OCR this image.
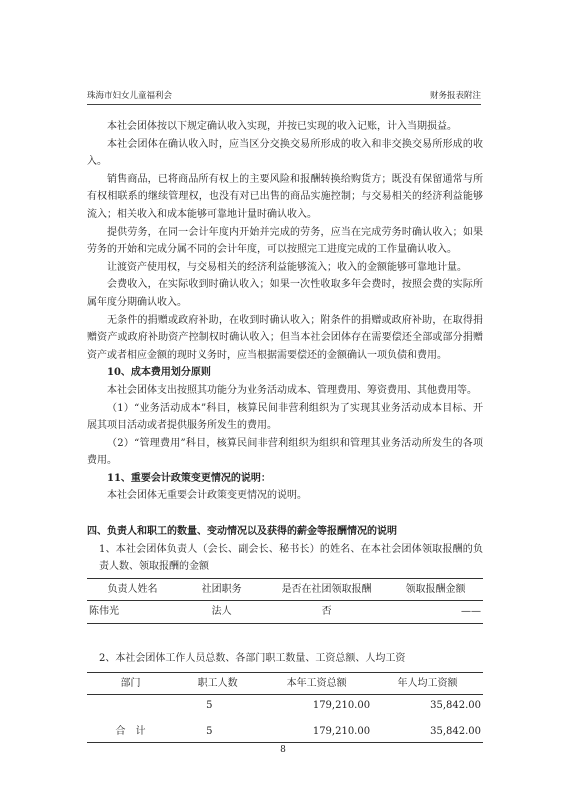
珠海市妇女儿童福利会	财务报表附注

本社会团体按以下规定确认收入实现，并按已实现的收入记账，计入当期损益。

本社会团体在确认收入时，应当区分交换交易所形成的收入和非交换交易所形成的收入。

销售商品，已将商品所有权上的主要风险和报酬转换给购货方；既没有保留通常与所有权相联系的继续管理权，也没有对已出售的商品实施控制；与交易相关的经济利益能够流入；相关收入和成本能够可靠地计量时确认收入。

提供劳务，在同一会计年度内开始并完成的劳务，应当在完成劳务时确认收入；如果劳务的开始和完成分属不同的会计年度，可以按照完工进度完成的工作量确认收入。

让渡资产使用权，与交易相关的经济利益能够流入；收入的金额能够可靠地计量。

会费收入，在实际收到时确认收入；如果一次性收取多年会费时，按照会费的实际所属年度分期确认收入。

无条件的捐赠或政府补助，在收到时确认收入；附条件的捐赠或政府补助，在取得捐赠资产或政府补助资产控制权时确认收入；但当本社会团体存在需要偿还全部或部分捐赠资产或者相应金额的现时义务时，应当根据需要偿还的金额确认一项负债和费用。

10、成本费用划分原则

本社会团体支出按照其功能分为业务活动成本、管理费用、筹资费用、其他费用等。

（1）“业务活动成本”科目，核算民间非营利组织为了实现其业务活动成本目标、开展其项目活动或者提供服务所发生的费用。

（2）“管理费用”科目，核算民间非营利组织为组织和管理其业务活动所发生的各项费用。

11、重要会计政策变更情况的说明：

本社会团体无重要会计政策变更情况的说明。

四、负责人和职工的数量、变动情况以及获得的薪金等报酬情况的说明

1、本社会团体负责人（会长、副会长、秘书长）的姓名、在本社会团体领取报酬的负责人数、领取报酬的金额

负责人姓名	社团职务	是否在社团领取报酬	领取报酬金额
陈伟光	法人	否	——

2、本社会团体工作人员总数、各部门职工数量、工资总额、人均工资

部门	职工人数	本年工资总额	年人均工资额
	5	179,210.00	35,842.00
合　计	5	179,210.00	35,842.00
8
